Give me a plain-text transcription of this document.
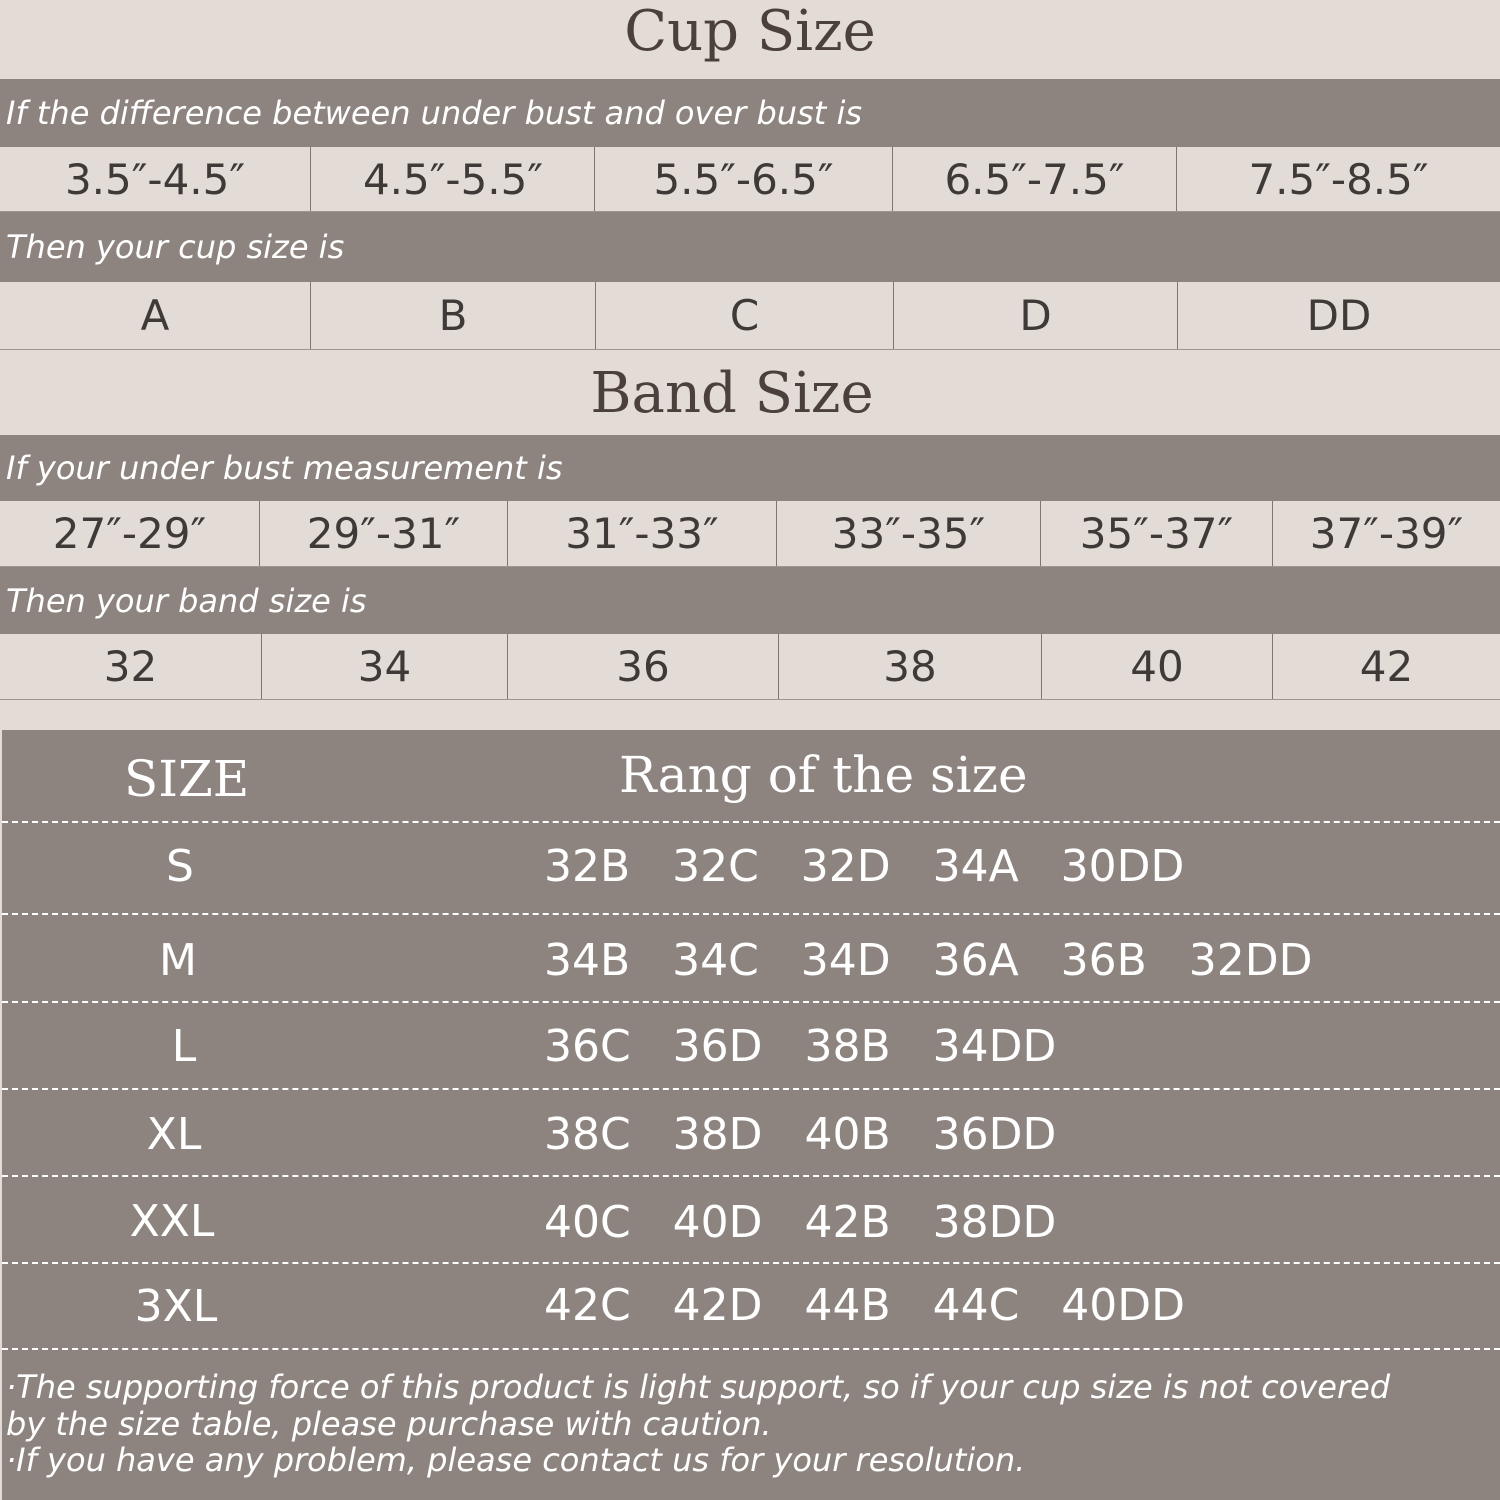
Cup Size
If the difference between under bust and over bust is
3.5″-4.5″	4.5″-5.5″	5.5″-6.5″	6.5″-7.5″	7.5″-8.5″
Then your cup size is
A	B	C	D	DD
Band Size
If your under bust measurement is
27″-29″	29″-31″	31″-33″	33″-35″	35″-37″	37″-39″
Then your band size is
32	34	36	38	40	42
SIZE	Rang of the size
S	32B   32C   32D   34A   30DD
M	34B   34C   34D   36A   36B   32DD
L	36C   36D   38B   34DD
XL	38C   38D   40B   36DD
XXL	40C   40D   42B   38DD
3XL	42C   42D   44B   44C   40DD
·The supporting force of this product is light support, so if your cup size is not covered
by the size table, please purchase with caution.
·If you have any problem, please contact us for your resolution.
